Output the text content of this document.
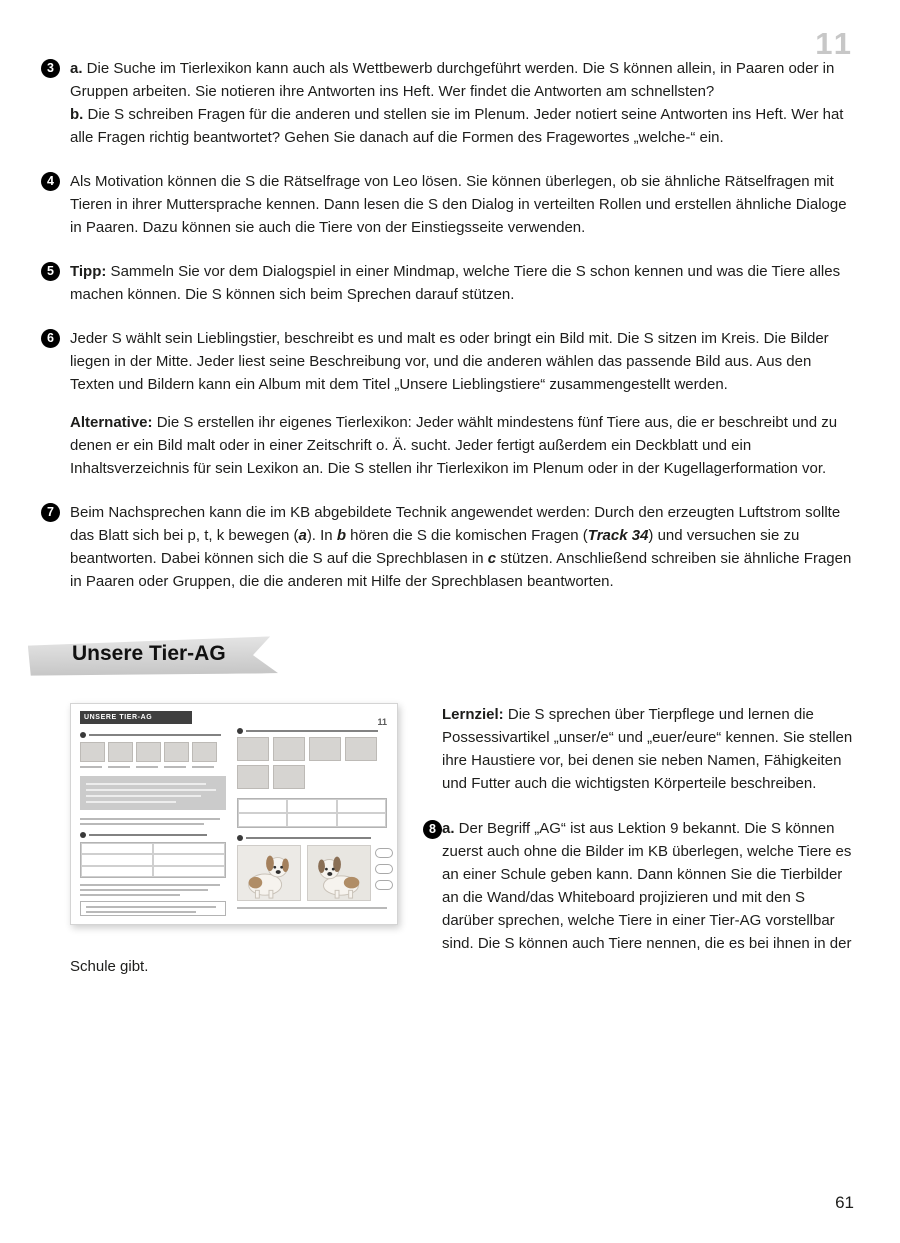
11
3	a. Die Suche im Tierlexikon kann auch als Wettbewerb durchgeführt werden. Die S können allein, in Paaren oder in Gruppen arbeiten. Sie notieren ihre Antworten ins Heft. Wer findet die Antworten am schnellsten?

b. Die S schreiben Fragen für die anderen und stellen sie im Plenum. Jeder notiert seine Antworten ins Heft. Wer hat alle Fragen richtig beantwortet? Gehen Sie danach auf die Formen des Fragewortes „welche-“ ein.

4	Als Motivation können die S die Rätselfrage von Leo lösen. Sie können überlegen, ob sie ähnliche Rätselfragen mit Tieren in ihrer Muttersprache kennen. Dann lesen die S den Dialog in verteilten Rollen und erstellen ähnliche Dialoge in Paaren. Dazu können sie auch die Tiere von der Einstiegsseite verwenden.

5	Tipp: Sammeln Sie vor dem Dialogspiel in einer Mindmap, welche Tiere die S schon kennen und was die Tiere alles machen können. Die S können sich beim Sprechen darauf stützen.

6	Jeder S wählt sein Lieblingstier, beschreibt es und malt es oder bringt ein Bild mit. Die S sitzen im Kreis. Die Bilder liegen in der Mitte. Jeder liest seine Beschreibung vor, und die anderen wählen das passende Bild aus. Aus den Texten und Bildern kann ein Album mit dem Titel „Unsere Lieblingstiere“ zusammengestellt werden.

Alternative: Die S erstellen ihr eigenes Tierlexikon: Jeder wählt mindestens fünf Tiere aus, die er beschreibt und zu denen er ein Bild malt oder in einer Zeitschrift o. Ä. sucht. Jeder fertigt außerdem ein Deckblatt und ein Inhaltsverzeichnis für sein Lexikon an. Die S stellen ihr Tierlexikon im Plenum oder in der Kugellagerformation vor.

7	Beim Nachsprechen kann die im KB abgebildete Technik angewendet werden: Durch den erzeugten Luftstrom sollte das Blatt sich bei p, t, k bewegen (a). In b hören die S die komischen Fragen (Track 34) und versuchen sie zu beantworten. Dabei können sich die S auf die Sprechblasen in c stützen. Anschließend schreiben sie ähnliche Fragen in Paaren oder Gruppen, die die anderen mit Hilfe der Sprechblasen beantworten.

Unsere Tier-AG
UNSERE TIER-AG	11	Lernziel: Die S sprechen über Tierpflege und lernen die Possessivartikel „unser/e“ und „euer/eure“ kennen. Sie stellen ihre Haustiere vor, bei denen sie neben Namen, Fähigkeiten und Futter auch die wichtigsten Körperteile beschreiben.

8 a. Der Begriff „AG“ ist aus Lektion 9 bekannt. Die S können zuerst auch ohne die Bilder im KB überlegen, welche Tiere es an einer Schule geben kann. Dann können Sie die Tierbilder an die Wand/das Whiteboard projizieren und mit den S darüber sprechen, welche Tiere in einer Tier-AG vorstellbar sind. Die S können auch Tiere nennen, die es bei ihnen in der Schule gibt.

61
